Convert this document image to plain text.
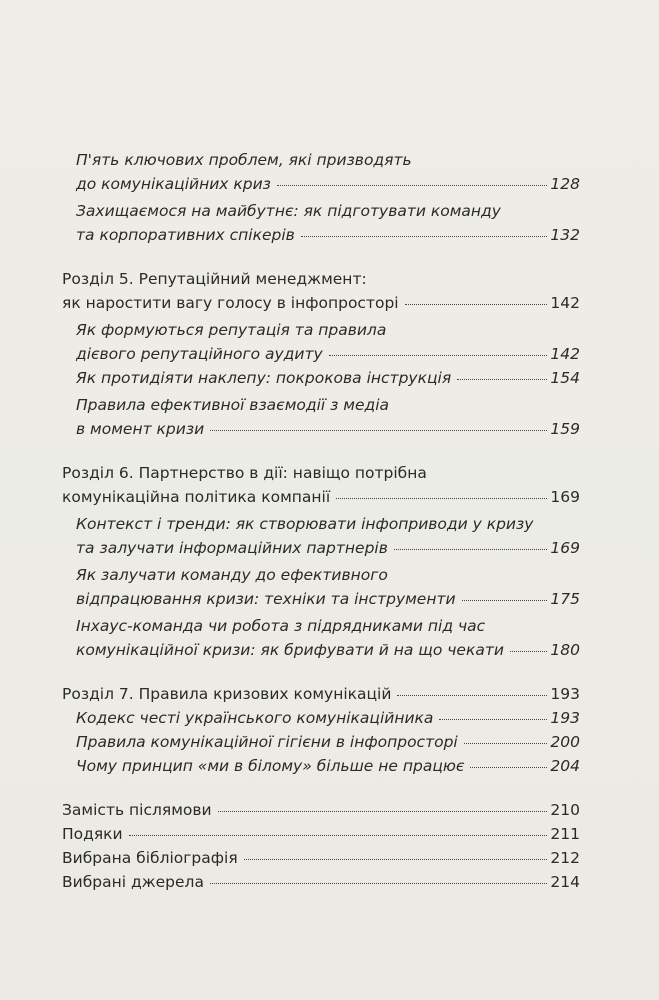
П'ять ключових проблем, які призводять
до комунікаційних криз	128
Захищаємося на майбутнє: як підготувати команду
та корпоративних спікерів	132
Розділ 5. Репутаційний менеджмент:
як наростити вагу голосу в інфопросторі	142
Як формуються репутація та правила
дієвого репутаційного аудиту	142
Як протидіяти наклепу: покрокова інструкція	154
Правила ефективної взаємодії з медіа
в момент кризи	159
Розділ 6. Партнерство в дії: навіщо потрібна
комунікаційна політика компанії	169
Контекст і тренди: як створювати інфоприводи у кризу
та залучати інформаційних партнерів	169
Як залучати команду до ефективного
відпрацювання кризи: техніки та інструменти	175
Інхаус-команда чи робота з підрядниками під час
комунікаційної кризи: як брифувати й на що чекати	180
Розділ 7. Правила кризових комунікацій	193
Кодекс честі українського комунікаційника	193
Правила комунікаційної гігієни в інфопросторі	200
Чому принцип «ми в білому» більше не працює	204
Замість післямови	210
Подяки	211
Вибрана бібліографія	212
Вибрані джерела	214
